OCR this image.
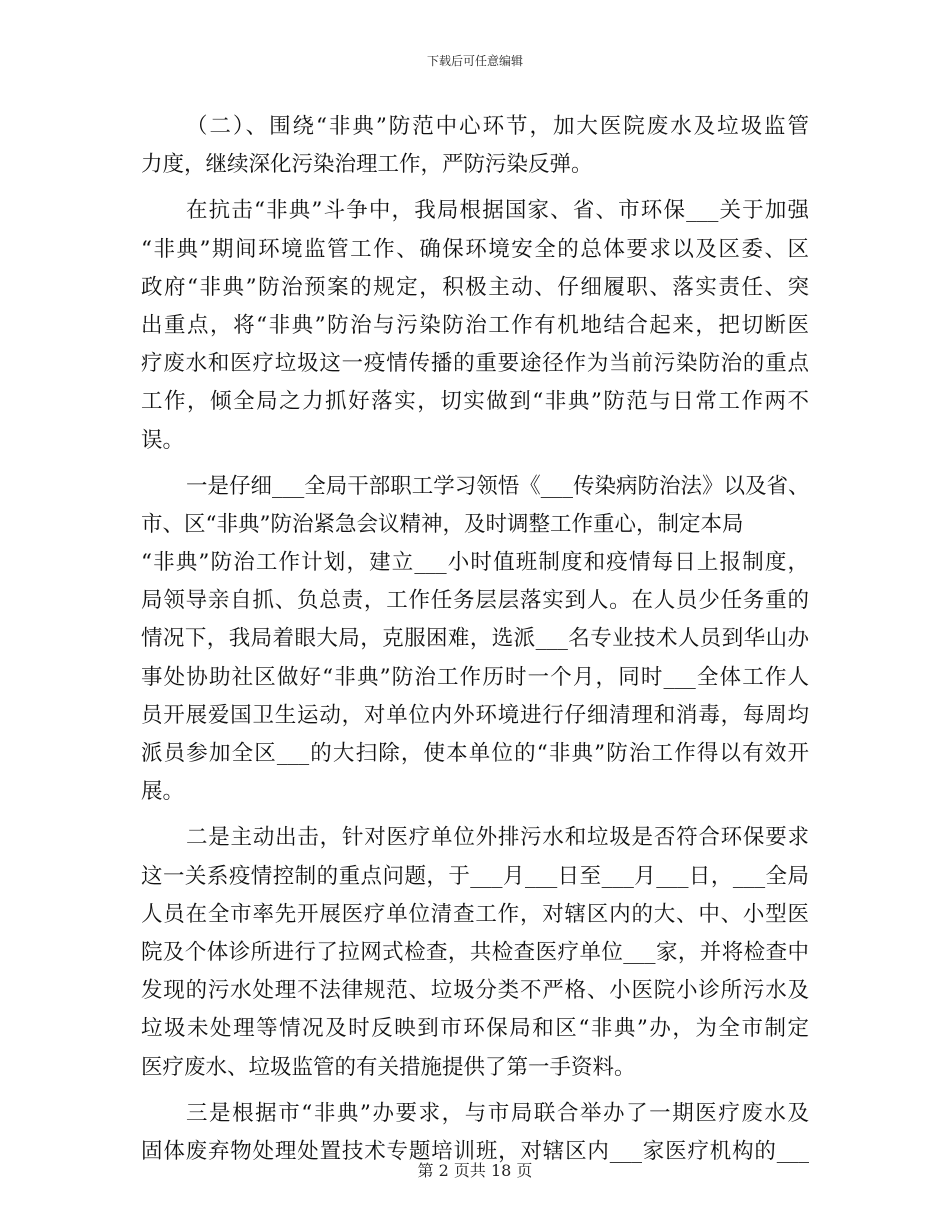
下载后可任意编辑
（二）、围绕“非典”防范中心环节，加大医院废水及垃圾监管
力度，继续深化污染治理工作，严防污染反弹。
在抗击“非典”斗争中，我局根据国家、省、市环保___关于加强
“非典”期间环境监管工作、确保环境安全的总体要求以及区委、区
政府“非典”防治预案的规定，积极主动、仔细履职、落实责任、突
出重点，将“非典”防治与污染防治工作有机地结合起来，把切断医
疗废水和医疗垃圾这一疫情传播的重要途径作为当前污染防治的重点
工作，倾全局之力抓好落实，切实做到“非典”防范与日常工作两不
误。
一是仔细___全局干部职工学习领悟《___传染病防治法》以及省、
市、区“非典”防治紧急会议精神，及时调整工作重心，制定本局
“非典”防治工作计划，建立___小时值班制度和疫情每日上报制度，
局领导亲自抓、负总责，工作任务层层落实到人。在人员少任务重的
情况下，我局着眼大局，克服困难，选派___名专业技术人员到华山办
事处协助社区做好“非典”防治工作历时一个月，同时___全体工作人
员开展爱国卫生运动，对单位内外环境进行仔细清理和消毒，每周均
派员参加全区___的大扫除，使本单位的“非典”防治工作得以有效开
展。
二是主动出击，针对医疗单位外排污水和垃圾是否符合环保要求
这一关系疫情控制的重点问题，于___月___日至___月___日，___全局
人员在全市率先开展医疗单位清查工作，对辖区内的大、中、小型医
院及个体诊所进行了拉网式检查，共检查医疗单位___家，并将检查中
发现的污水处理不法律规范、垃圾分类不严格、小医院小诊所污水及
垃圾未处理等情况及时反映到市环保局和区“非典”办，为全市制定
医疗废水、垃圾监管的有关措施提供了第一手资料。
三是根据市“非典”办要求，与市局联合举办了一期医疗废水及
固体废弃物处理处置技术专题培训班，对辖区内___家医疗机构的___
第 2 页共 18 页
